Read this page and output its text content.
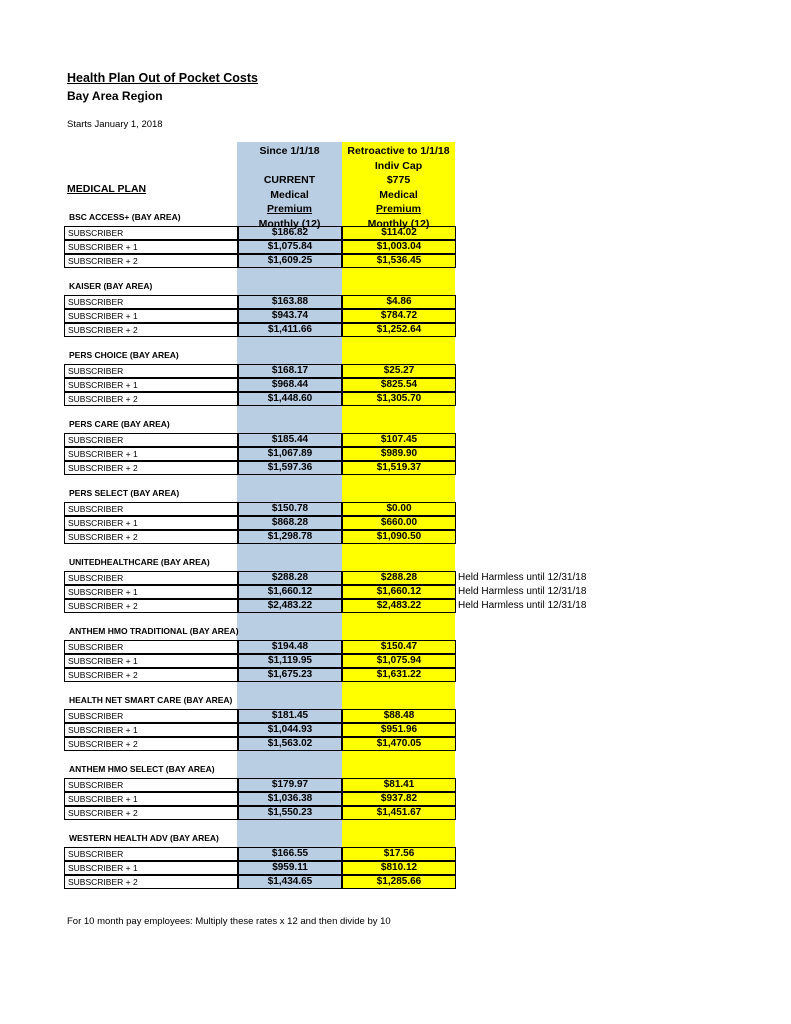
Health Plan Out of Pocket Costs
Bay Area Region
Starts January 1, 2018
Since 1/1/18
CURRENT
Medical
Premium
Monthly (12)
Retroactive to 1/1/18
Indiv Cap
$775
Medical
Premium
Monthly (12)
MEDICAL PLAN
BSC ACCESS+ (BAY AREA)
SUBSCRIBER	$186.82	$114.02
SUBSCRIBER + 1	$1,075.84	$1,003.04
SUBSCRIBER + 2	$1,609.25	$1,536.45
KAISER (BAY AREA)
SUBSCRIBER	$163.88	$4.86
SUBSCRIBER + 1	$943.74	$784.72
SUBSCRIBER + 2	$1,411.66	$1,252.64
PERS CHOICE (BAY AREA)
SUBSCRIBER	$168.17	$25.27
SUBSCRIBER + 1	$968.44	$825.54
SUBSCRIBER + 2	$1,448.60	$1,305.70
PERS CARE (BAY AREA)
SUBSCRIBER	$185.44	$107.45
SUBSCRIBER + 1	$1,067.89	$989.90
SUBSCRIBER + 2	$1,597.36	$1,519.37
PERS SELECT (BAY AREA)
SUBSCRIBER	$150.78	$0.00
SUBSCRIBER + 1	$868.28	$660.00
SUBSCRIBER + 2	$1,298.78	$1,090.50
UNITEDHEALTHCARE (BAY AREA)
SUBSCRIBER	$288.28	$288.28	Held Harmless until 12/31/18
SUBSCRIBER + 1	$1,660.12	$1,660.12	Held Harmless until 12/31/18
SUBSCRIBER + 2	$2,483.22	$2,483.22	Held Harmless until 12/31/18
ANTHEM HMO TRADITIONAL (BAY AREA)
SUBSCRIBER	$194.48	$150.47
SUBSCRIBER + 1	$1,119.95	$1,075.94
SUBSCRIBER + 2	$1,675.23	$1,631.22
HEALTH NET SMART CARE (BAY AREA)
SUBSCRIBER	$181.45	$88.48
SUBSCRIBER + 1	$1,044.93	$951.96
SUBSCRIBER + 2	$1,563.02	$1,470.05
ANTHEM HMO SELECT (BAY AREA)
SUBSCRIBER	$179.97	$81.41
SUBSCRIBER + 1	$1,036.38	$937.82
SUBSCRIBER + 2	$1,550.23	$1,451.67
WESTERN HEALTH ADV (BAY AREA)
SUBSCRIBER	$166.55	$17.56
SUBSCRIBER + 1	$959.11	$810.12
SUBSCRIBER + 2	$1,434.65	$1,285.66
For 10 month pay employees: Multiply these rates x 12 and then divide by 10
